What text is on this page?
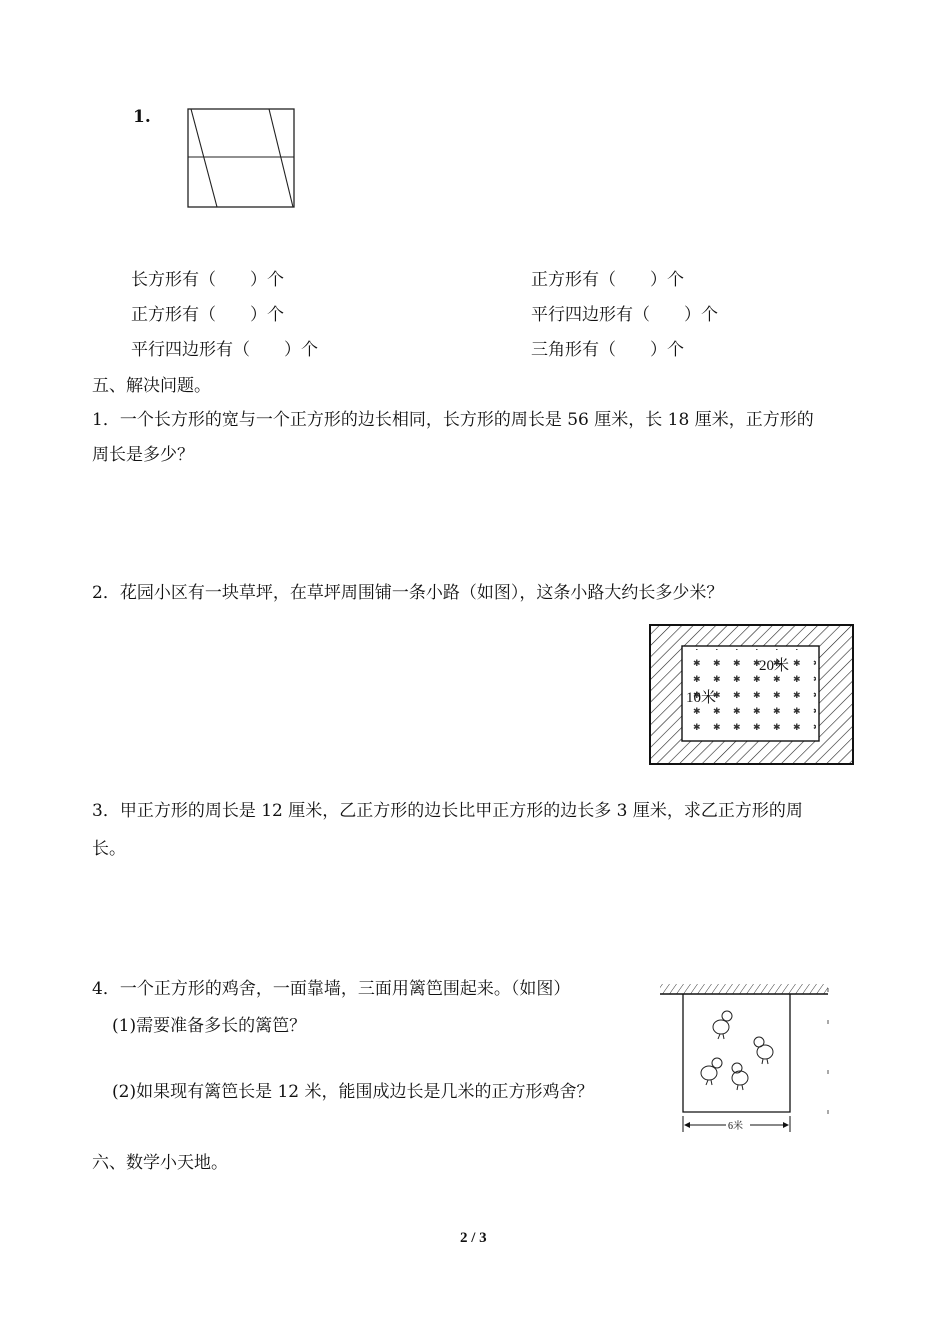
1.
长方形有（　　）个	正方形有（　　）个
正方形有（　　）个	平行四边形有（　　）个
平行四边形有（　　）个	三角形有（　　）个
五、解决问题。
1．一个长方形的宽与一个正方形的边长相同，长方形的周长是 56 厘米，长 18 厘米，正方形的
周长是多少？
2．花园小区有一块草坪，在草坪周围铺一条小路（如图），这条小路大约长多少米？
20米
10米
3．甲正方形的周长是 12 厘米，乙正方形的边长比甲正方形的边长多 3 厘米，求乙正方形的周
长。
4．一个正方形的鸡舍，一面靠墙，三面用篱笆围起来。（如图）
(1)需要准备多长的篱笆？
(2)如果现有篱笆长是 12 米，能围成边长是几米的正方形鸡舍？
6米
六、数学小天地。
2 / 3
